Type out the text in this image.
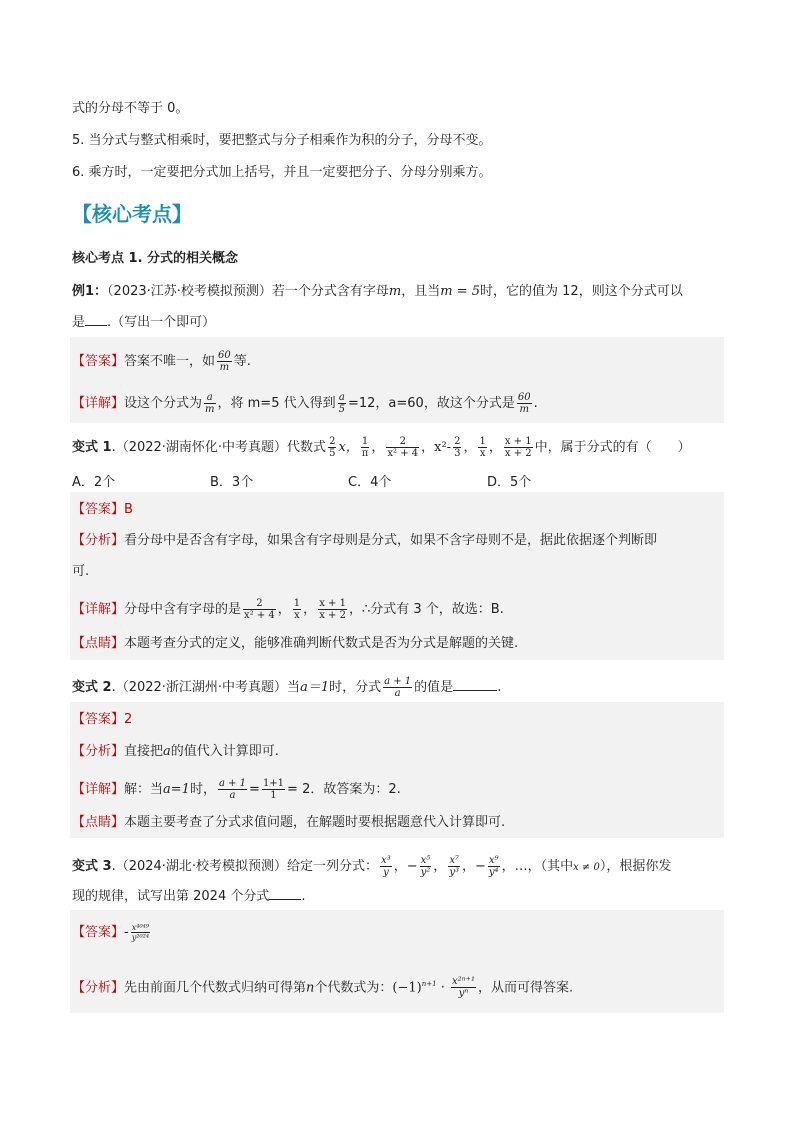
式的分母不等于 0。
5. 当分式与整式相乘时，要把整式与分子相乘作为积的分子，分母不变。
6. 乘方时，一定要把分式加上括号，并且一定要把分子、分母分别乘方。
【核心考点】
核心考点 1. 分式的相关概念
例1：（2023·江苏·校考模拟预测）若一个分式含有字母m，且当m = 5时，它的值为 12，则这个分式可以
是 .（写出一个即可）
【答案】答案不唯一，如 $\frac{60}{m}$ 等.
【详解】设这个分式为 $\frac{a}{m}$ ，将 m=5 代入得到 $\frac{a}{5} =12$，a=60，故这个分式是 $\frac{60}{m}$ .
变式 1.（2022·湖南怀化·中考真题）代数式 $\frac{2}{5}$ x， $\frac{1}{\pi}$ ， $\frac{2}{\text{x² + 4}}$ ，$x^2- \frac{2}{3}$ ， $\frac{1}{x}$ ， $\frac{x + 1}{x + 2}$ 中，属于分式的有（　　）
A．2个	B．3个	C．4个	D．5个
【答案】B
【分析】看分母中是否含有字母，如果含有字母则是分式，如果不含字母则不是，据此依据逐个判断即
可.
【详解】分母中含有字母的是 $\frac{2}{\text{x² + 4}}$ ， $\frac{1}{x}$ ， $\frac{x + 1}{x + 2}$ ，∴分式有 3 个，故选：B.
【点睛】本题考查分式的定义，能够准确判断代数式是否为分式是解题的关键.
变式 2.（2022·浙江湖州·中考真题）当a＝1时，分式 $\frac{a + 1}{a}$ 的值是	.
【答案】2
【分析】直接把a的值代入计算即可.
【详解】解：当a=1时， $\frac{a + 1}{a} = \frac{1+1}{1} = 2$．故答案为：2.
【点睛】本题主要考查了分式求值问题，在解题时要根据题意代入计算即可.
变式 3.（2024·湖北·校考模拟预测）给定一列分式： $\frac{\text{x³}}{y}$ ，− $\frac{\text{x⁵}}{\text{y²}}$ ， $\frac{\text{x⁷}}{\text{y³}}$ ，− $\frac{\text{x⁹}}{\text{y⁴}}$ ，…，（其中x ≠ 0），根据你发
现的规律，试写出第 2024 个分式 .
【答案】- $\frac{\text{x⁴⁰⁴⁹}}{\text{y²⁰²⁴}}$
【分析】先由前面几个代数式归纳可得第n个代数式为：$(-1)^{n+1} \cdot \frac{\text{x²ⁿ⁺¹}}{\text{yⁿ}}$ ，从而可得答案.
